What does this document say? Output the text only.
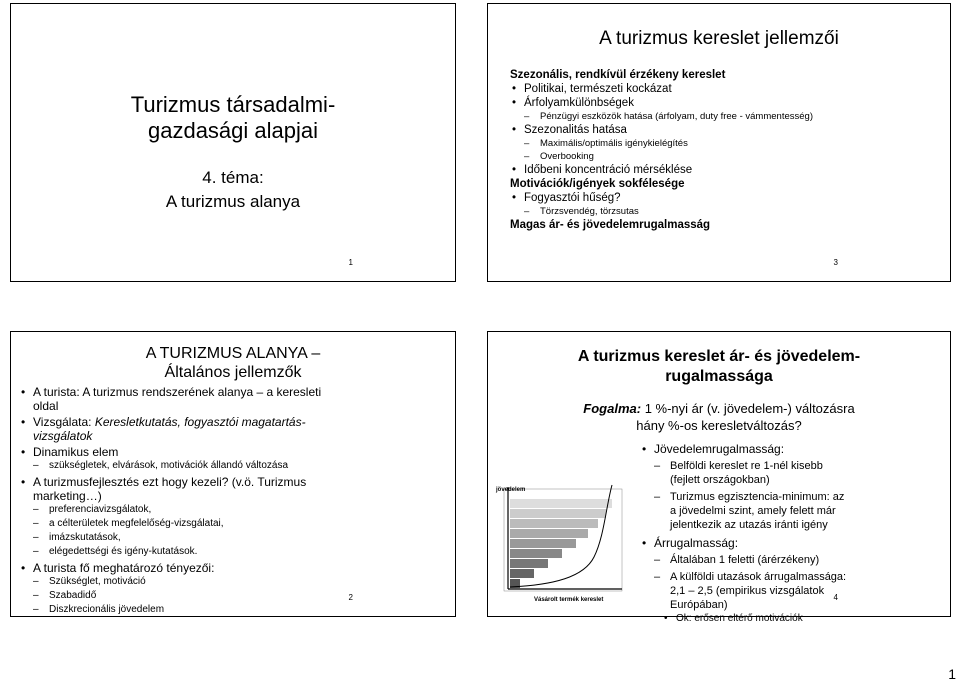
Turizmus társadalmi-
gazdasági alapjai
4. téma:
A turizmus alanya
1
A turizmus kereslet jellemzői
Szezonális, rendkívül érzékeny kereslet
• Politikai, természeti kockázat
• Árfolyamkülönbségek
– Pénzügyi eszközök hatása (árfolyam, duty free - vámmentesség)
• Szezonalitás hatása
– Maximális/optimális igénykielégítés
– Overbooking
• Időbeni koncentráció mérséklése
Motivációk/igények sokfélesége
• Fogyasztói hűség?
– Törzsvendég, törzsutas
Magas ár- és jövedelemrugalmasság
3
A TURIZMUS ALANYA –
Általános jellemzők
• A turista: A turizmus rendszerének alanya – a keresleti
oldal
• Vizsgálata: Keresletkutatás, fogyasztói magatartás-
vizsgálatok
• Dinamikus elem
– szükségletek, elvárások, motivációk állandó változása
• A turizmusfejlesztés ezt hogy kezeli? (v.ö. Turizmus
marketing…)
– preferenciavizsgálatok,
– a célterületek megfelelőség-vizsgálatai,
– imázskutatások,
– elégedettségi és igény-kutatások.
• A turista fő meghatározó tényezői:
– Szükséglet, motiváció
– Szabadidő
– Diszkrecionális jövedelem
2
A turizmus kereslet ár- és jövedelem-
rugalmassága
Fogalma: 1 %-nyi ár (v. jövedelem-) változásra
hány %-os keresletváltozás?
jövedelem
Vásárolt termék kereslet
• Jövedelemrugalmasság:
– Belföldi kereslet re 1-nél kisebb
(fejlett országokban)
– Turizmus egzisztencia-minimum: az
a jövedelmi szint, amely felett már
jelentkezik az utazás iránti igény
• Árrugalmasság:
– Általában 1 feletti (árérzékeny)
– A külföldi utazások árrugalmassága:
2,1 – 2,5 (empirikus vizsgálatok
Európában)
• Ok: erősen eltérő motivációk
4
1
